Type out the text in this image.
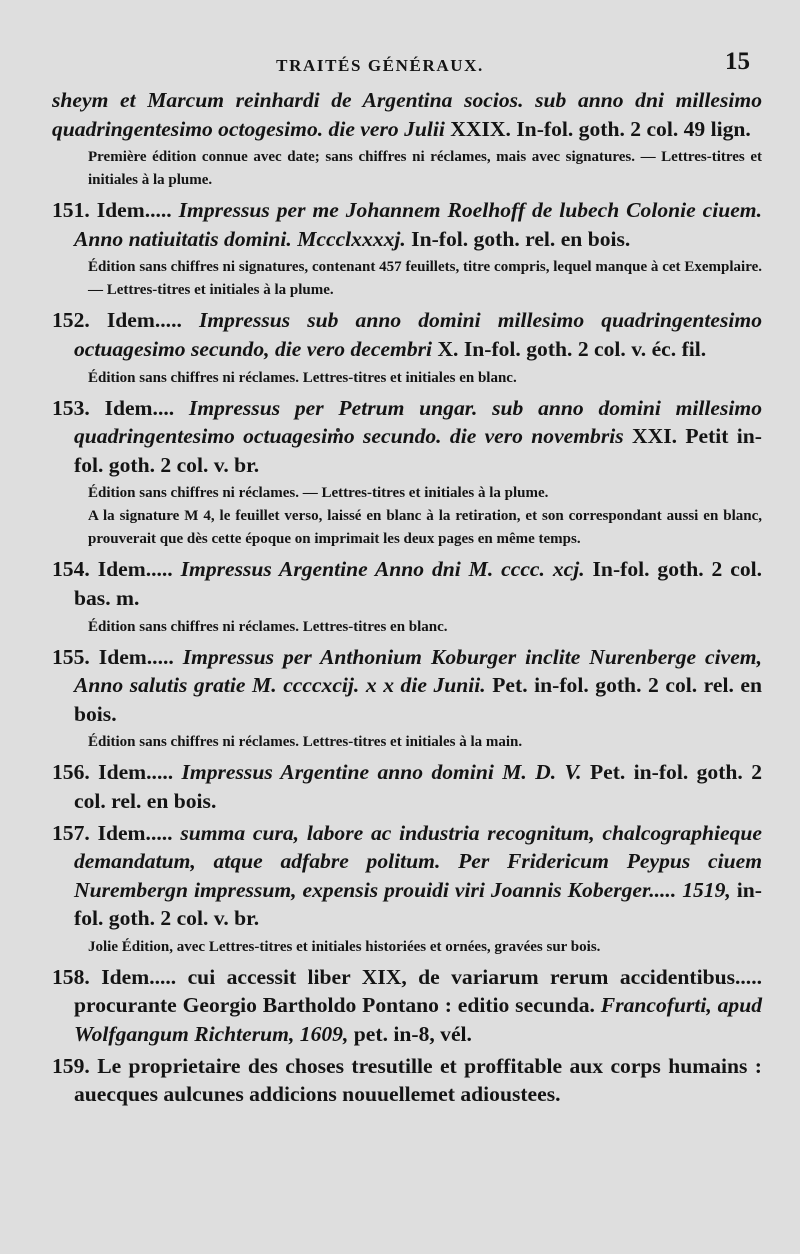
TRAITÉS GÉNÉRAUX.	15

sheym et Marcum reinhardi de Argentina socios. sub anno dni millesimo quadringentesimo octogesimo. die vero Julii XXIX. In-fol. goth. 2 col. 49 lign.

Première édition connue avec date; sans chiffres ni réclames, mais avec signatures. — Lettres-titres et initiales à la plume.

151. Idem..... Impressus per me Johannem Roelhoff de lubech Colonie ciuem. Anno natiuitatis domini. Mccclxxxxj. In-fol. goth. rel. en bois.

Édition sans chiffres ni signatures, contenant 457 feuillets, titre compris, lequel manque à cet Exemplaire. — Lettres-titres et initiales à la plume.

152. Idem..... Impressus sub anno domini millesimo quadringentesimo octuagesimo secundo, die vero decembri X. In-fol. goth. 2 col. v. éc. fil.

Édition sans chiffres ni réclames. Lettres-titres et initiales en blanc.

153. Idem.... Impressus per Petrum ungar. sub anno domini millesimo quadringentesimo octuagesimo secundo. die vero novembris XXI. Petit in-fol. goth. 2 col. v. br.

Édition sans chiffres ni réclames. — Lettres-titres et initiales à la plume.
A la signature M 4, le feuillet verso, laissé en blanc à la retiration, et son correspondant aussi en blanc, prouverait que dès cette époque on imprimait les deux pages en même temps.

154. Idem..... Impressus Argentine Anno dni M. cccc. xcj. In-fol. goth. 2 col. bas. m.

Édition sans chiffres ni réclames. Lettres-titres en blanc.

155. Idem..... Impressus per Anthonium Koburger inclite Nurenberge civem, Anno salutis gratie M. ccccxcij. x x die Junii. Pet. in-fol. goth. 2 col. rel. en bois.

Édition sans chiffres ni réclames. Lettres-titres et initiales à la main.

156. Idem..... Impressus Argentine anno domini M. D. V. Pet. in-fol. goth. 2 col. rel. en bois.

157. Idem..... summa cura, labore ac industria recognitum, chalcographieque demandatum, atque adfabre politum. Per Fridericum Peypus ciuem Nurembergn impressum, expensis prouidi viri Joannis Koberger..... 1519, in-fol. goth. 2 col. v. br.

Jolie Édition, avec Lettres-titres et initiales historiées et ornées, gravées sur bois.

158. Idem..... cui accessit liber XIX, de variarum rerum accidentibus..... procurante Georgio Bartholdo Pontano : editio secunda. Francofurti, apud Wolfgangum Richterum, 1609, pet. in-8, vél.

159. Le proprietaire des choses tresutille et proffitable aux corps humains : auecques aulcunes addicions nouuellemet adioustees.
